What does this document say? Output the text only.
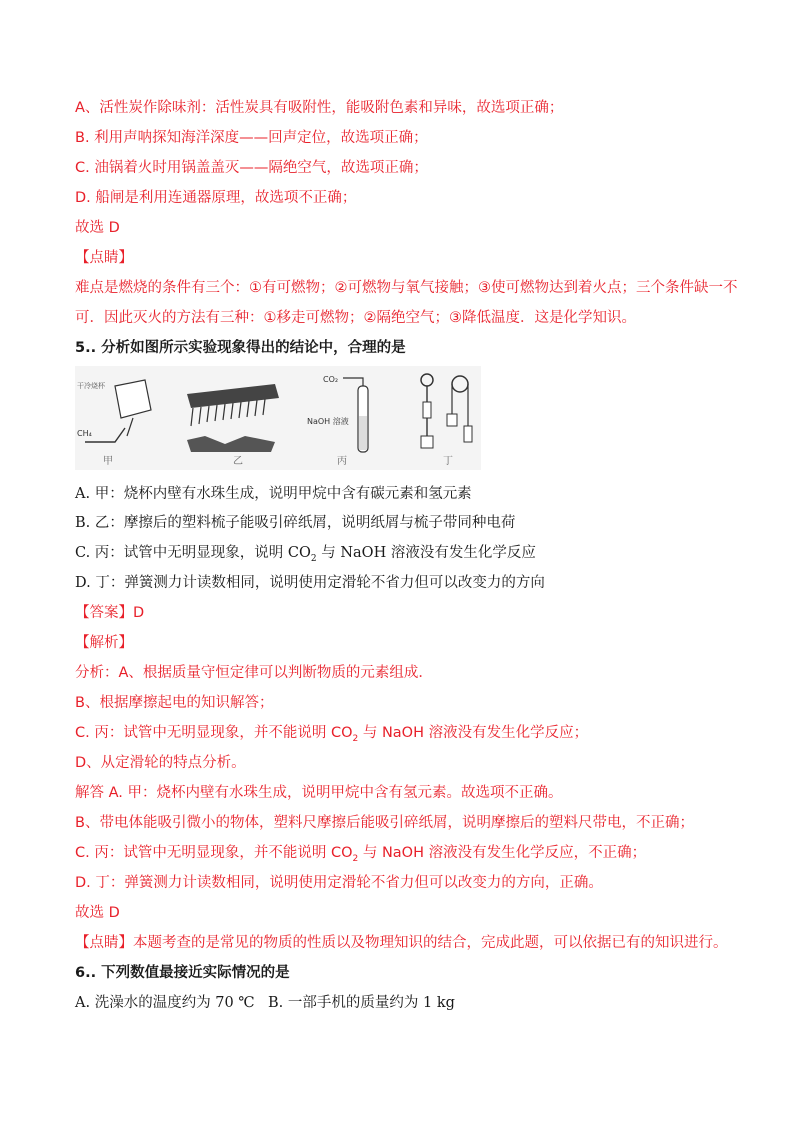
A、活性炭作除味剂：活性炭具有吸附性，能吸附色素和异味，故选项正确；
B. 利用声呐探知海洋深度——回声定位，故选项正确；
C. 油锅着火时用锅盖盖灭——隔绝空气，故选项正确；
D. 船闸是利用连通器原理，故选项不正确；
故选 D
【点睛】
难点是燃烧的条件有三个：①有可燃物；②可燃物与氧气接触；③使可燃物达到着火点；三个条件缺一不
可．因此灭火的方法有三种：①移走可燃物；②隔绝空气；③降低温度．这是化学知识。
5.. 分析如图所示实验现象得出的结论中，合理的是
干冷烧杯
CH₄
甲	乙
CO₂
NaOH 溶液
丙	丁
A. 甲：烧杯内壁有水珠生成，说明甲烷中含有碳元素和氢元素
B. 乙：摩擦后的塑料梳子能吸引碎纸屑，说明纸屑与梳子带同种电荷
C. 丙：试管中无明显现象，说明 $CO_2$ 与 NaOH 溶液没有发生化学反应
D. 丁：弹簧测力计读数相同，说明使用定滑轮不省力但可以改变力的方向
【答案】D
【解析】
分析：A、根据质量守恒定律可以判断物质的元素组成．
B、根据摩擦起电的知识解答；
C. 丙：试管中无明显现象，并不能说明 $CO_2$ 与 NaOH 溶液没有发生化学反应；
D、从定滑轮的特点分析。
解答 A. 甲：烧杯内壁有水珠生成，说明甲烷中含有氢元素。故选项不正确。
B、带电体能吸引微小的物体，塑料尺摩擦后能吸引碎纸屑，说明摩擦后的塑料尺带电，不正确；
C. 丙：试管中无明显现象，并不能说明 $CO_2$ 与 NaOH 溶液没有发生化学反应，不正确；
D. 丁：弹簧测力计读数相同，说明使用定滑轮不省力但可以改变力的方向，正确。
故选 D
【点睛】本题考查的是常见的物质的性质以及物理知识的结合，完成此题，可以依据已有的知识进行。
6.. 下列数值最接近实际情况的是
A. 洗澡水的温度约为 70 ℃ B. 一部手机的质量约为 1 kg
